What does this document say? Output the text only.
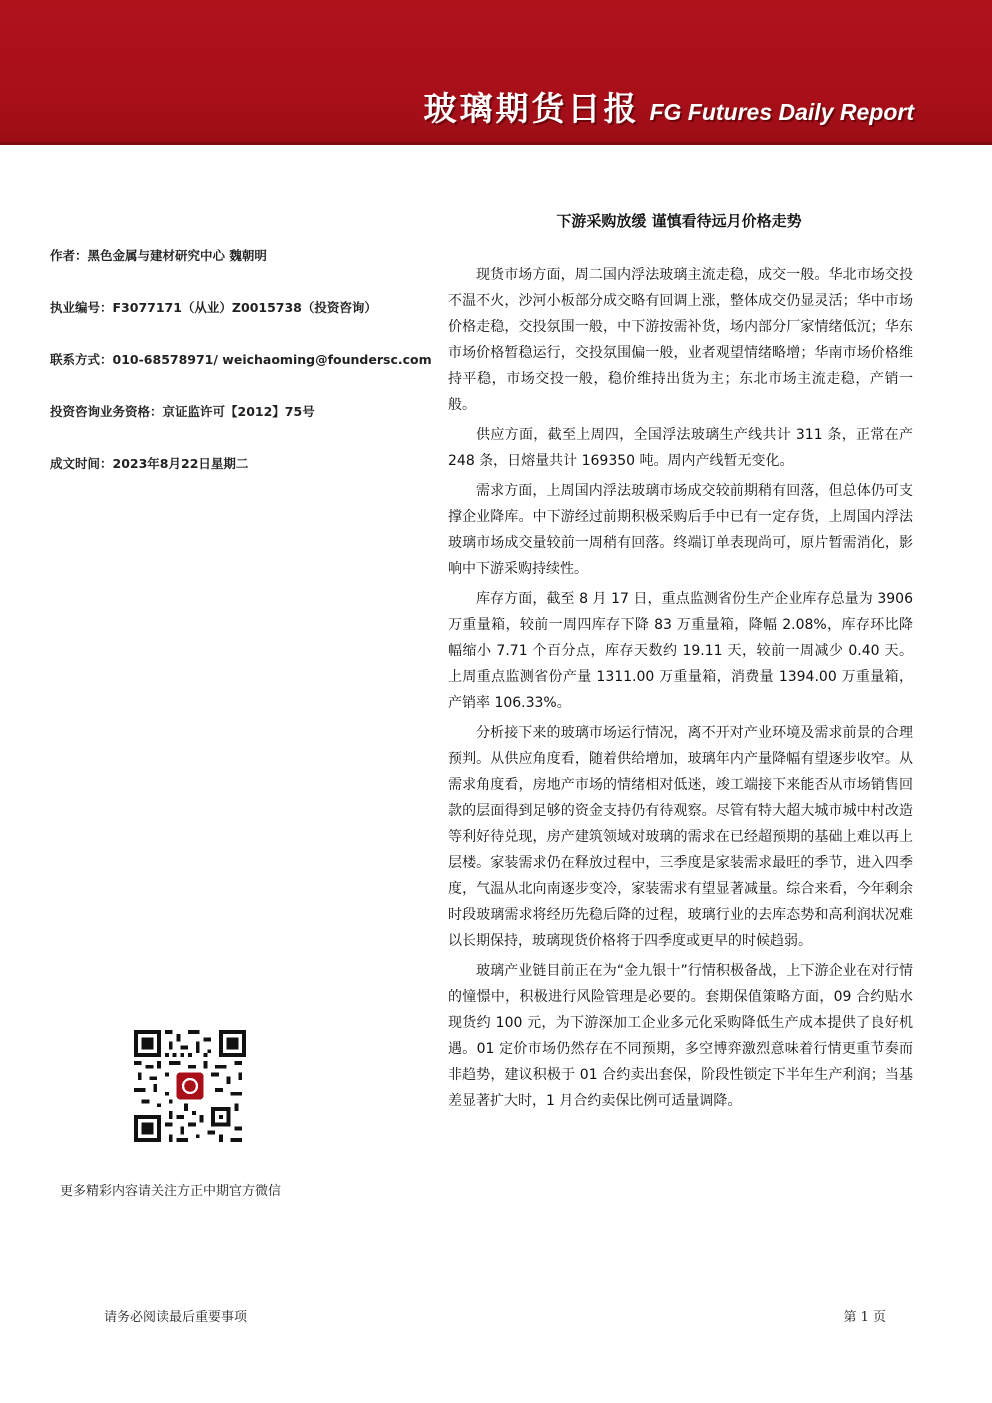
玻璃期货日报 FG Futures Daily Report
作者：黑色金属与建材研究中心 魏朝明
执业编号：F3077171（从业）Z0015738（投资咨询）
联系方式：010-68578971/ weichaoming@foundersc.com
投资咨询业务资格：京证监许可【2012】75号
成文时间：2023年8月22日星期二
下游采购放缓 谨慎看待远月价格走势

现货市场方面，周二国内浮法玻璃主流走稳，成交一般。华北市场交投不温不火，沙河小板部分成交略有回调上涨，整体成交仍显灵活；华中市场价格走稳，交投氛围一般，中下游按需补货，场内部分厂家情绪低沉；华东市场价格暂稳运行，交投氛围偏一般，业者观望情绪略增；华南市场价格维持平稳，市场交投一般，稳价维持出货为主；东北市场主流走稳，产销一般。

供应方面，截至上周四，全国浮法玻璃生产线共计 311 条，正常在产 248 条，日熔量共计 169350 吨。周内产线暂无变化。

需求方面，上周国内浮法玻璃市场成交较前期稍有回落，但总体仍可支撑企业降库。中下游经过前期积极采购后手中已有一定存货，上周国内浮法玻璃市场成交量较前一周稍有回落。终端订单表现尚可，原片暂需消化，影响中下游采购持续性。

库存方面，截至 8 月 17 日，重点监测省份生产企业库存总量为 3906 万重量箱，较前一周四库存下降 83 万重量箱，降幅 2.08%，库存环比降幅缩小 7.71 个百分点，库存天数约 19.11 天，较前一周减少 0.40 天。上周重点监测省份产量 1311.00 万重量箱，消费量 1394.00 万重量箱，产销率 106.33%。

分析接下来的玻璃市场运行情况，离不开对产业环境及需求前景的合理预判。从供应角度看，随着供给增加，玻璃年内产量降幅有望逐步收窄。从需求角度看，房地产市场的情绪相对低迷，竣工端接下来能否从市场销售回款的层面得到足够的资金支持仍有待观察。尽管有特大超大城市城中村改造等利好待兑现，房产建筑领域对玻璃的需求在已经超预期的基础上难以再上层楼。家装需求仍在释放过程中，三季度是家装需求最旺的季节，进入四季度，气温从北向南逐步变冷，家装需求有望显著减量。综合来看，今年剩余时段玻璃需求将经历先稳后降的过程，玻璃行业的去库态势和高利润状况难以长期保持，玻璃现货价格将于四季度或更早的时候趋弱。

玻璃产业链目前正在为“金九银十”行情积极备战，上下游企业在对行情的憧憬中，积极进行风险管理是必要的。套期保值策略方面，09 合约贴水现货约 100 元，为下游深加工企业多元化采购降低生产成本提供了良好机遇。01 定价市场仍然存在不同预期，多空博弈激烈意味着行情更重节奏而非趋势，建议积极于 01 合约卖出套保，阶段性锁定下半年生产利润；当基差显著扩大时，1 月合约卖保比例可适量调降。

更多精彩内容请关注方正中期官方微信
请务必阅读最后重要事项	第 1 页
